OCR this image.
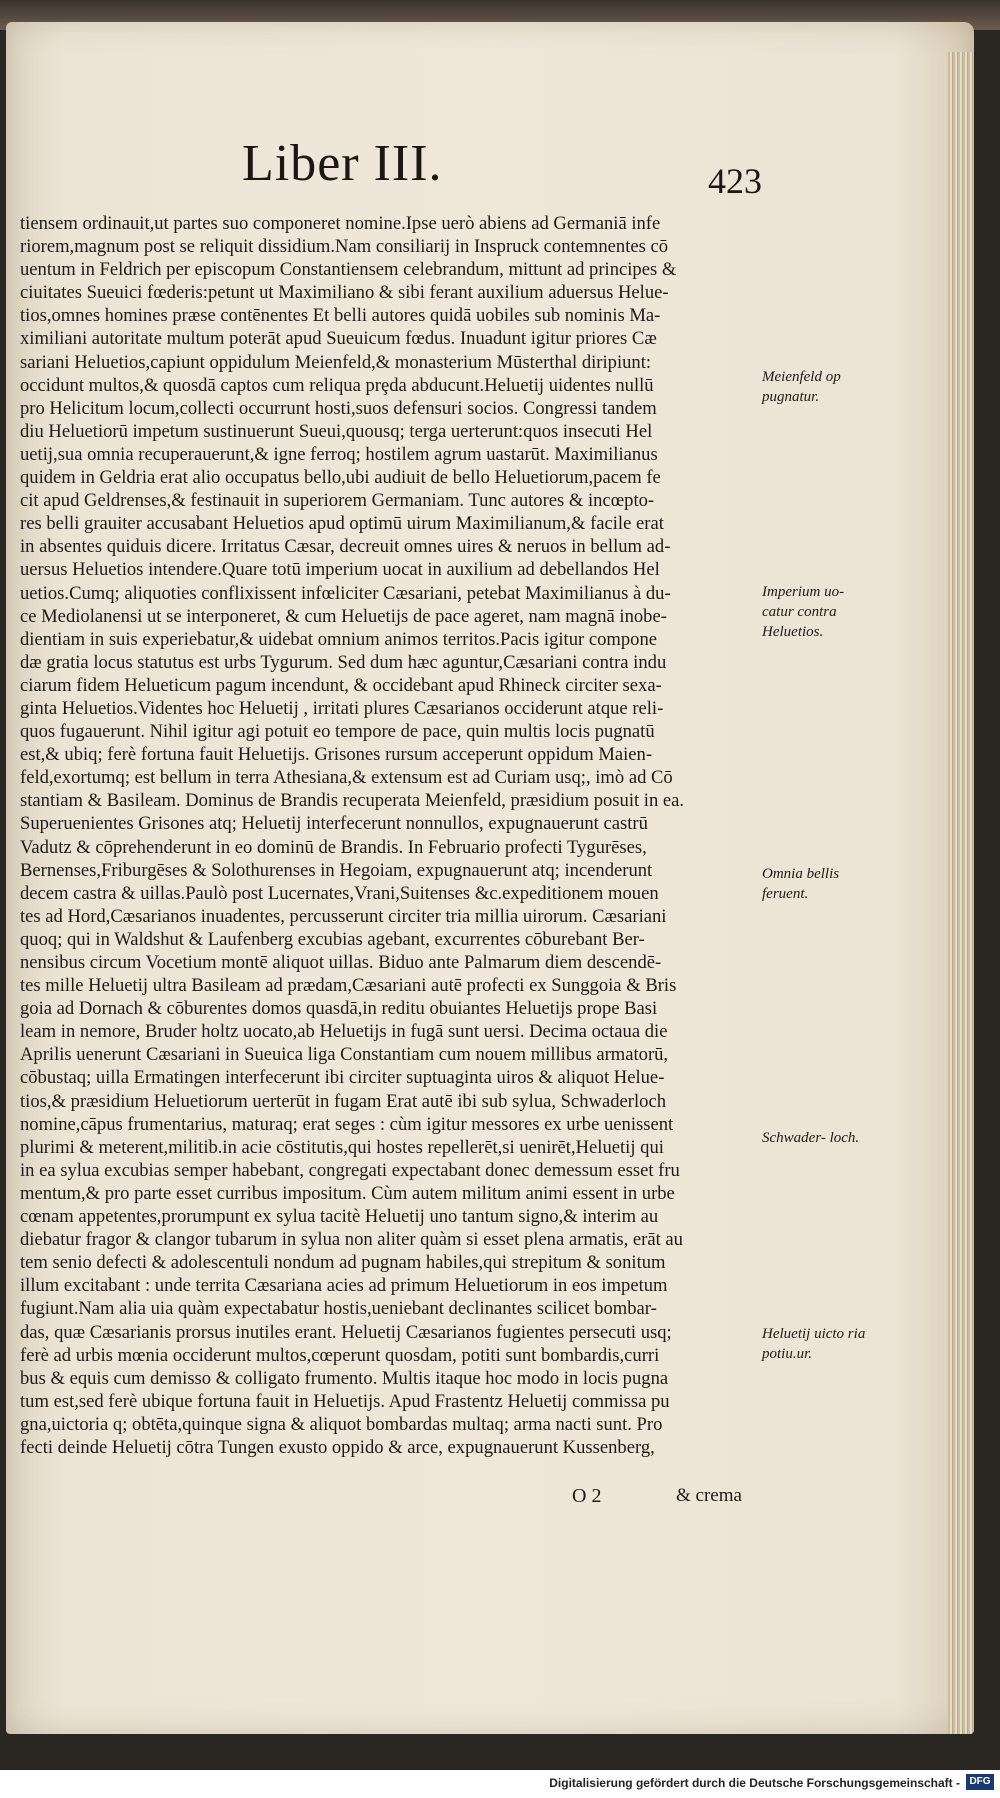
Liber III.	423
tiensem ordinauit,ut partes suo componeret nomine.Ipse uerò abiens ad Germaniā infe
riorem,magnum post se reliquit dissidium.Nam consiliarij in Inspruck contemnentes cō
uentum in Feldrich per episcopum Constantiensem celebrandum, mittunt ad principes &
ciuitates Sueuici fœderis:petunt ut Maximiliano & sibi ferant auxilium aduersus Helue-
tios,omnes homines præse contēnentes Et belli autores quidā uobiles sub nominis Ma-
ximiliani autoritate multum poterāt apud Sueuicum fœdus. Inuadunt igitur priores Cæ
sariani Heluetios,capiunt oppidulum Meienfeld,& monasterium Mūsterthal diripiunt:
occidunt multos,& quosdā captos cum reliqua prȩda abducunt.Heluetij uidentes nullū
pro Helicitum locum,collecti occurrunt hosti,suos defensuri socios. Congressi tandem
diu Heluetiorū impetum sustinuerunt Sueui,quousq; terga uerterunt:quos insecuti Hel
uetij,sua omnia recuperauerunt,& igne ferroq; hostilem agrum uastarūt. Maximilianus
quidem in Geldria erat alio occupatus bello,ubi audiuit de bello Heluetiorum,pacem fe
cit apud Geldrenses,& festinauit in superiorem Germaniam. Tunc autores & incœpto-
res belli grauiter accusabant Heluetios apud optimū uirum Maximilianum,& facile erat
in absentes quiduis dicere. Irritatus Cæsar, decreuit omnes uires & neruos in bellum ad-
uersus Heluetios intendere.Quare totū imperium uocat in auxilium ad debellandos Hel
uetios.Cumq; aliquoties conflixissent infœliciter Cæsariani, petebat Maximilianus à du-
ce Mediolanensi ut se interponeret, & cum Heluetijs de pace ageret, nam magnā inobe-
dientiam in suis experiebatur,& uidebat omnium animos territos.Pacis igitur compone
dæ gratia locus statutus est urbs Tygurum. Sed dum hæc aguntur,Cæsariani contra indu
ciarum fidem Helueticum pagum incendunt, & occidebant apud Rhineck circiter sexa-
ginta Heluetios.Videntes hoc Heluetij , irritati plures Cæsarianos occiderunt atque reli-
quos fugauerunt. Nihil igitur agi potuit eo tempore de pace, quin multis locis pugnatū
est,& ubiq; ferè fortuna fauit Heluetijs. Grisones rursum acceperunt oppidum Maien-
feld,exortumq; est bellum in terra Athesiana,& extensum est ad Curiam usq;, imò ad Cō
stantiam & Basileam. Dominus de Brandis recuperata Meienfeld, præsidium posuit in ea.
Superuenientes Grisones atq; Heluetij interfecerunt nonnullos, expugnauerunt castrū
Vadutz & cōprehenderunt in eo dominū de Brandis. In Februario profecti Tygurēses,
Bernenses,Friburgēses & Solothurenses in Hegoiam, expugnauerunt atq; incenderunt
decem castra & uillas.Paulò post Lucernates,Vrani,Suitenses &c.expeditionem mouen
tes ad Hord,Cæsarianos inuadentes, percusserunt circiter tria millia uirorum. Cæsariani
quoq; qui in Waldshut & Laufenberg excubias agebant, excurrentes cōburebant Ber-
nensibus circum Vocetium montē aliquot uillas. Biduo ante Palmarum diem descendē-
tes mille Heluetij ultra Basileam ad prædam,Cæsariani autē profecti ex Sunggoia & Bris
goia ad Dornach & cōburentes domos quasdā,in reditu obuiantes Heluetijs prope Basi
leam in nemore, Bruder holtz uocato,ab Heluetijs in fugā sunt uersi. Decima octaua die
Aprilis uenerunt Cæsariani in Sueuica liga Constantiam cum nouem millibus armatorū,
cōbustaq; uilla Ermatingen interfecerunt ibi circiter suptuaginta uiros & aliquot Helue-
tios,& præsidium Heluetiorum uerterūt in fugam Erat autē ibi sub sylua, Schwaderloch
nomine,cāpus frumentarius, maturaq; erat seges : cùm igitur messores ex urbe uenissent
plurimi & meterent,militib.in acie cōstitutis,qui hostes repellerēt,si uenirēt,Heluetij qui
in ea sylua excubias semper habebant, congregati expectabant donec demessum esset fru
mentum,& pro parte esset curribus impositum. Cùm autem militum animi essent in urbe
cœnam appetentes,prorumpunt ex sylua tacitè Heluetij uno tantum signo,& interim au
diebatur fragor & clangor tubarum in sylua non aliter quàm si esset plena armatis, erāt au
tem senio defecti & adolescentuli nondum ad pugnam habiles,qui strepitum & sonitum
illum excitabant : unde territa Cæsariana acies ad primum Heluetiorum in eos impetum
fugiunt.Nam alia uia quàm expectabatur hostis,ueniebant declinantes scilicet bombar-
das, quæ Cæsarianis prorsus inutiles erant. Heluetij Cæsarianos fugientes persecuti usq;
ferè ad urbis mœnia occiderunt multos,cœperunt quosdam, potiti sunt bombardis,curri
bus & equis cum demisso & colligato frumento. Multis itaque hoc modo in locis pugna
tum est,sed ferè ubique fortuna fauit in Heluetijs. Apud Frastentz Heluetij commissa pu
gna,uictoria q; obtēta,quinque signa & aliquot bombardas multaq; arma nacti sunt. Pro
fecti deinde Heluetij cōtra Tungen exusto oppido & arce, expugnauerunt Kussenberg,
Meienfeld op pugnatur.
Imperium uo- catur contra Heluetios.
Omnia bellis feruent.
Schwader- loch.
Heluetij uicto ria potiu.ur.
O 2	& crema
Digitalisierung gefördert durch die Deutsche Forschungsgemeinschaft - DFG
